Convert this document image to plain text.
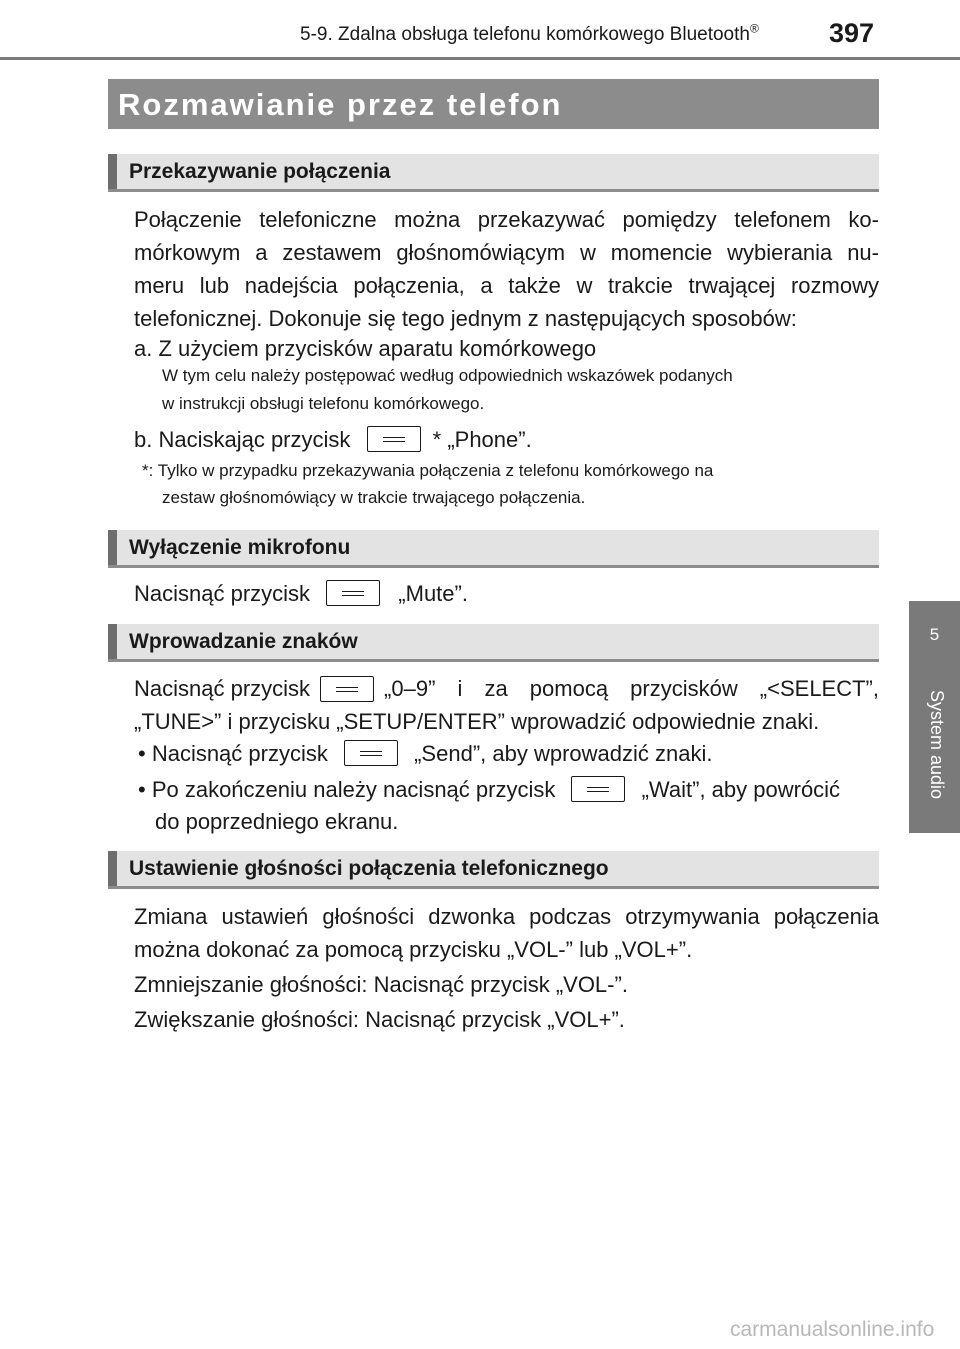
5-9. Zdalna obsługa telefonu komórkowego Bluetooth®	397
5
System audio
Rozmawianie przez telefon
Przekazywanie połączenia
Połączenie telefoniczne można przekazywać pomiędzy telefonem ko-
mórkowym a zestawem głośnomówiącym w momencie wybierania nu-
meru lub nadejścia połączenia, a także w trakcie trwającej rozmowy
telefonicznej. Dokonuje się tego jednym z następujących sposobów:
a. Z użyciem przycisków aparatu komórkowego
W tym celu należy postępować według odpowiednich wskazówek podanych
w instrukcji obsługi telefonu komórkowego.
b. Naciskając przycisk	* „Phone”.
*: Tylko w przypadku przekazywania połączenia z telefonu komórkowego na
zestaw głośnomówiący w trakcie trwającego połączenia.
Wyłączenie mikrofonu
Nacisnąć przycisk	„Mute”.
Wprowadzanie znaków
Nacisnąć przycisk	„0–9” i za pomocą przycisków „<SELECT”,
„TUNE>” i przycisku „SETUP/ENTER” wprowadzić odpowiednie znaki.
• Nacisnąć przycisk	„Send”, aby wprowadzić znaki.
• Po zakończeniu należy nacisnąć przycisk	„Wait”, aby powrócić
do poprzedniego ekranu.
Ustawienie głośności połączenia telefonicznego
Zmiana ustawień głośności dzwonka podczas otrzymywania połączenia
można dokonać za pomocą przycisku „VOL-” lub „VOL+”.
Zmniejszanie głośności: Nacisnąć przycisk „VOL-”.
Zwiększanie głośności: Nacisnąć przycisk „VOL+”.
carmanualsonline.info
